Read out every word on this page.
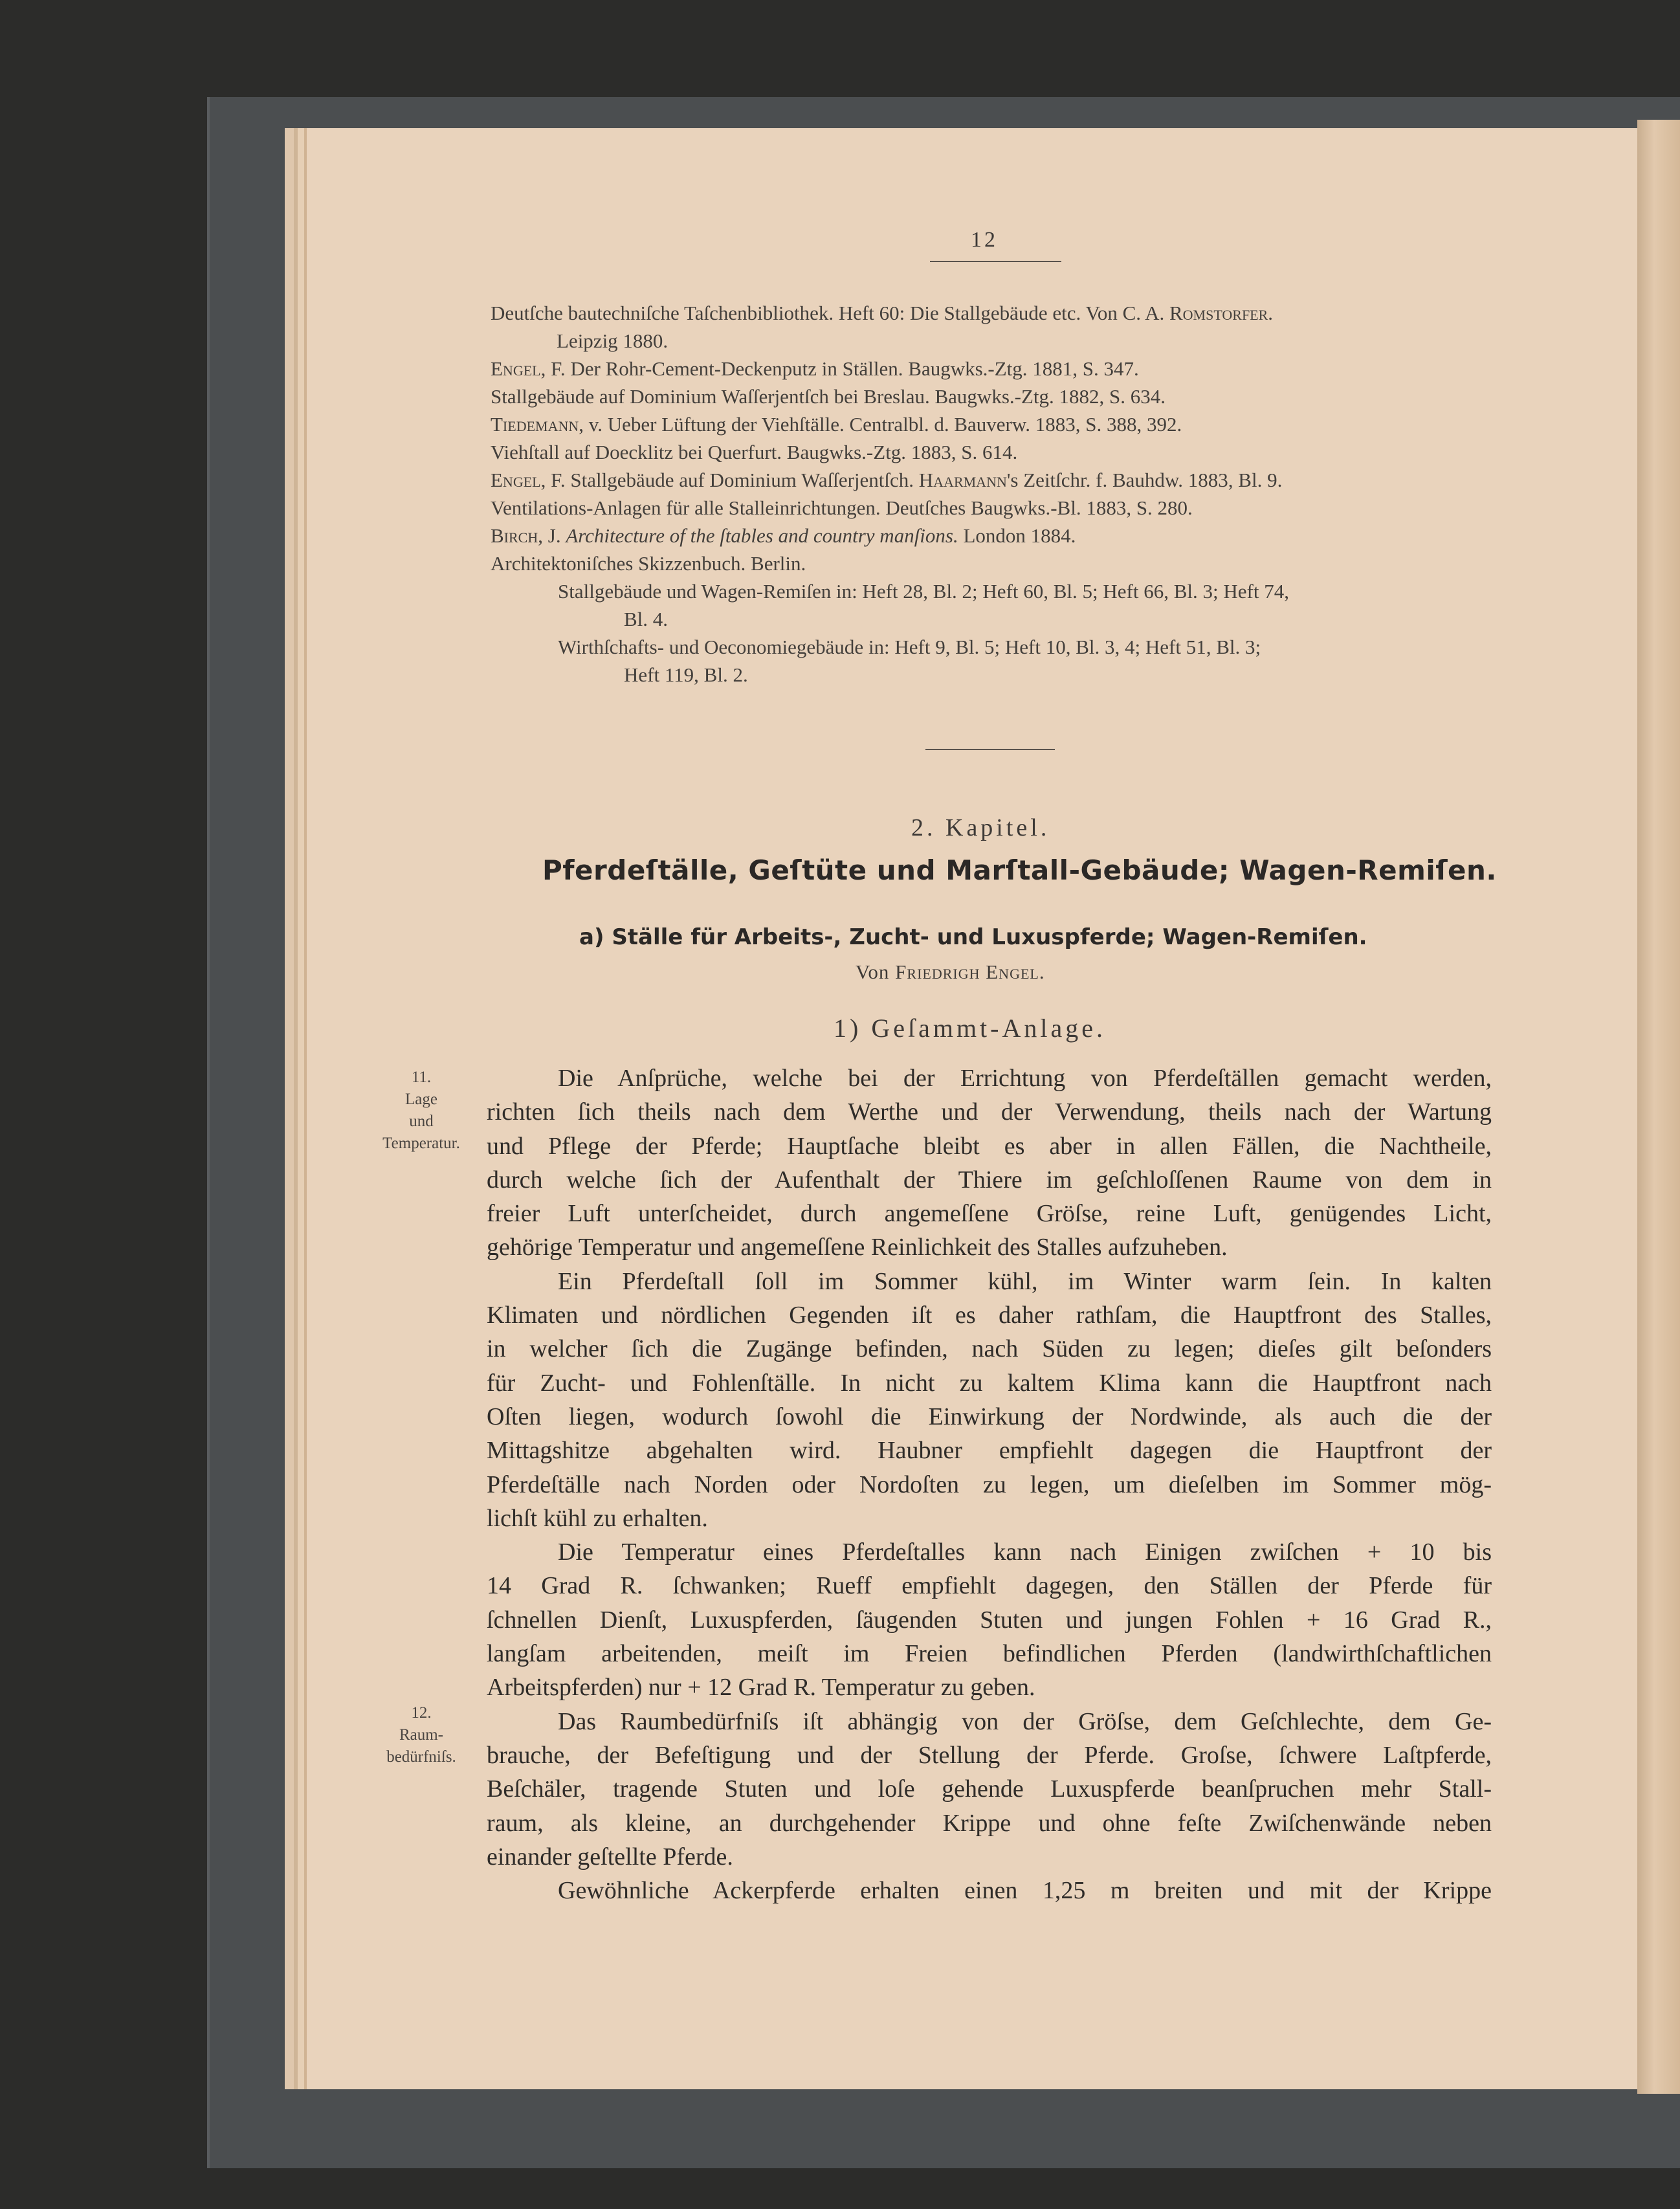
12
Deutſche bautechniſche Taſchenbibliothek. Heft 60: Die Stallgebäude etc. Von C. A. Romstorfer.
Leipzig 1880.
Engel, F. Der Rohr-Cement-Deckenputz in Ställen. Baugwks.-Ztg. 1881, S. 347.
Stallgebäude auf Dominium Waſſerjentſch bei Breslau. Baugwks.-Ztg. 1882, S. 634.
Tiedemann, v. Ueber Lüftung der Viehſtälle. Centralbl. d. Bauverw. 1883, S. 388, 392.
Viehſtall auf Doecklitz bei Querfurt. Baugwks.-Ztg. 1883, S. 614.
Engel, F. Stallgebäude auf Dominium Waſſerjentſch. Haarmann's Zeitſchr. f. Bauhdw. 1883, Bl. 9.
Ventilations-Anlagen für alle Stalleinrichtungen. Deutſches Baugwks.-Bl. 1883, S. 280.
Birch, J. Architecture of the ſtables and country manſions. London 1884.
Architektoniſches Skizzenbuch. Berlin.
Stallgebäude und Wagen-Remiſen in: Heft 28, Bl. 2; Heft 60, Bl. 5; Heft 66, Bl. 3; Heft 74,
Bl. 4.
Wirthſchafts- und Oeconomiegebäude in: Heft 9, Bl. 5; Heft 10, Bl. 3, 4; Heft 51, Bl. 3;
Heft 119, Bl. 2.
2. Kapitel.
Pferdeſtälle, Geſtüte und Marſtall-Gebäude; Wagen-Remiſen.
a) Ställe für Arbeits-, Zucht- und Luxuspferde; Wagen-Remiſen.
Von Friedrigh Engel.
1) Geſammt-Anlage.
11.
Lage
und
Temperatur.
12.
Raum-
bedürfniſs.
Die Anſprüche, welche bei der Errichtung von Pferdeſtällen gemacht werden,
richten ſich theils nach dem Werthe und der Verwendung, theils nach der Wartung
und Pflege der Pferde; Hauptſache bleibt es aber in allen Fällen, die Nachtheile,
durch welche ſich der Aufenthalt der Thiere im geſchloſſenen Raume von dem in
freier Luft unterſcheidet, durch angemeſſene Gröſse, reine Luft, genügendes Licht,
gehörige Temperatur und angemeſſene Reinlichkeit des Stalles aufzuheben.
Ein Pferdeſtall ſoll im Sommer kühl, im Winter warm ſein. In kalten
Klimaten und nördlichen Gegenden iſt es daher rathſam, die Hauptfront des Stalles,
in welcher ſich die Zugänge befinden, nach Süden zu legen; dieſes gilt beſonders
für Zucht- und Fohlenſtälle. In nicht zu kaltem Klima kann die Hauptfront nach
Oſten liegen, wodurch ſowohl die Einwirkung der Nordwinde, als auch die der
Mittagshitze abgehalten wird. Haubner empfiehlt dagegen die Hauptfront der
Pferdeſtälle nach Norden oder Nordoſten zu legen, um dieſelben im Sommer mög-
lichſt kühl zu erhalten.
Die Temperatur eines Pferdeſtalles kann nach Einigen zwiſchen + 10 bis
14 Grad R. ſchwanken; Rueff empfiehlt dagegen, den Ställen der Pferde für
ſchnellen Dienſt, Luxuspferden, ſäugenden Stuten und jungen Fohlen + 16 Grad R.,
langſam arbeitenden, meiſt im Freien befindlichen Pferden (landwirthſchaftlichen
Arbeitspferden) nur + 12 Grad R. Temperatur zu geben.
Das Raumbedürfniſs iſt abhängig von der Gröſse, dem Geſchlechte, dem Ge-
brauche, der Befeſtigung und der Stellung der Pferde. Groſse, ſchwere Laſtpferde,
Beſchäler, tragende Stuten und loſe gehende Luxuspferde beanſpruchen mehr Stall-
raum, als kleine, an durchgehender Krippe und ohne feſte Zwiſchenwände neben
einander geſtellte Pferde.
Gewöhnliche Ackerpferde erhalten einen 1,25 m breiten und mit der Krippe
